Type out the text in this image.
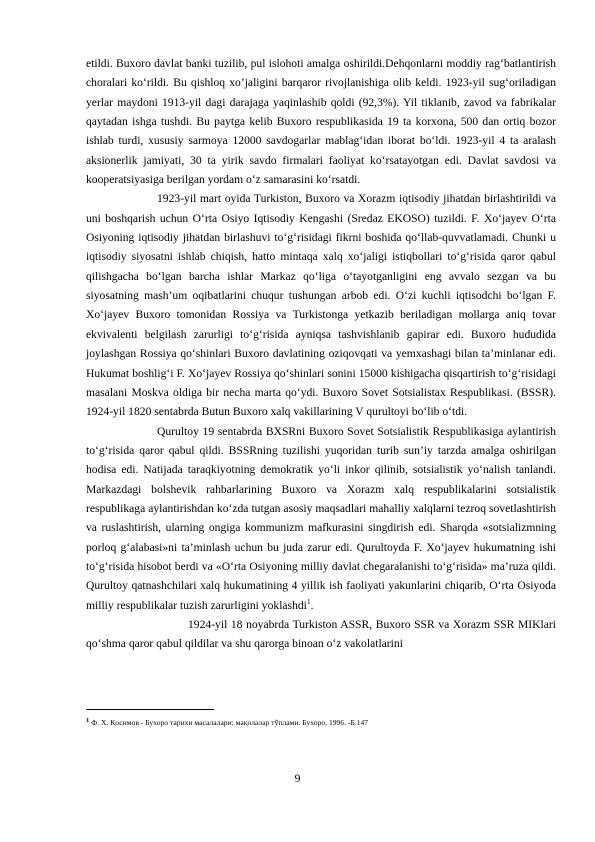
etildi. Buxoro davlat banki tuzilib, pul islohoti amalga oshirildi.Dehqonlarni moddiy rag‘batlantirish choralari ko‘rildi. Bu qishloq xo’jaligini barqaror rivojlanishiga olib keldi. 1923-yil sug‘oriladigan yerlar maydoni 1913-yil dagi darajaga yaqinlashib qoldi (92,3%). Yil tiklanib, zavod va fabrikalar qaytadan ishga tushdi. Bu paytga kelib Buxoro respublikasida 19 ta korxona, 500 dan ortiq bozor ishlab turdi, xususiy sarmoya 12000 savdogarlar mablag‘idan iborat bo‘ldi. 1923-yil 4 ta aralash aksionerlik jamiyati, 30 ta yirik savdo firmalari faoliyat ko‘rsatayotgan edi. Davlat savdosi va kooperatsiyasiga berilgan yordam o‘z samarasini ko‘rsatdi.

1923-yil mart oyida Turkiston, Buxoro va Xorazm iqtisodiy jihatdan birlashtirildi va uni boshqarish uchun O‘rta Osiyo Iqtisodiy Kengashi (Sredaz EKOSO) tuzildi. F. Xo‘jayev O‘rta Osiyoning iqtisodiy jihatdan birlashuvi to‘g‘risidagi fikrni boshida qo‘llab-quvvatlamadi. Chunki u iqtisodiy siyosatni ishlab chiqish, hatto mintaqa xalq xo‘jaligi istiqbollari to‘g‘risida qaror qabul qilishgacha bo‘lgan barcha ishlar Markaz qo‘liga o‘tayotganligini eng avvalo sezgan va bu siyosatning mash’um oqibatlarini chuqur tushungan arbob edi. O‘zi kuchli iqtisodchi bo‘lgan F. Xo‘jayev Buxoro tomonidan Rossiya va Turkistonga yetkazib beriladigan mollarga aniq tovar ekvivalenti belgilash zarurligi to‘g‘risida ayniqsa tashvishlanib gapirar edi. Buxoro hududida joylashgan Rossiya qo‘shinlari Buxoro davlatining oziqovqati va yemxashagi bilan ta’minlanar edi. Hukumat boshlig‘i F. Xo‘jayev Rossiya qo‘shinlari sonini 15000 kishigacha qisqartirish to‘g‘risidagi masalani Moskva oldiga bir necha marta qo‘ydi. Buxoro Sovet Sotsialistax Respublikasi. (BSSR). 1924-yil 1820 sentabrda Butun Buxoro xalq vakillarining V qurultoyi bo‘lib o‘tdi.

Qurultoy 19 sentabrda BXSRni Buxoro Sovet Sotsialistik Respublikasiga aylantirish to‘g‘risida qaror qabul qildi. BSSRning tuzilishi yuqoridan turib sun’iy tarzda amalga oshirilgan hodisa edi. Natijada taraqkiyotning demokratik yo‘li inkor qilinib, sotsialistik yo‘nalish tanlandi. Markazdagi bolshevik rahbarlarining Buxoro va Xorazm xalq respublikalarini sotsialistik respublikaga aylantirishdan ko‘zda tutgan asosiy maqsadlari mahalliy xalqlarni tezroq sovetlashtirish va ruslashtirish, ularning ongiga kommunizm mafkurasini singdirish edi. Sharqda «sotsializmning porloq g‘alabasi»ni ta’minlash uchun bu juda zarur edi. Qurultoyda F. Xo‘jayev hukumatning ishi to‘g‘risida hisobot berdi va «O‘rta Osiyoning milliy davlat chegaralanishi to‘g‘risida» ma’ruza qildi. Qurultoy qatnashchilari xalq hukumatining 4 yillik ish faoliyati yakunlarini chiqarib, O‘rta Osiyoda milliy respublikalar tuzish zarurligini yoklashdi$^1$.

1924-yil 18 noyabrda Turkiston ASSR, Buxoro SSR va Xorazm SSR MIKlari qo‘shma qaror qabul qildilar va shu qarorga binoan o‘z vakolatlarini

$^1$ Ф. Х. Қосимов - Бухоро тарихи масалалари: мақолалар тўплами. Бухоро, 1996. -Б.147
9
